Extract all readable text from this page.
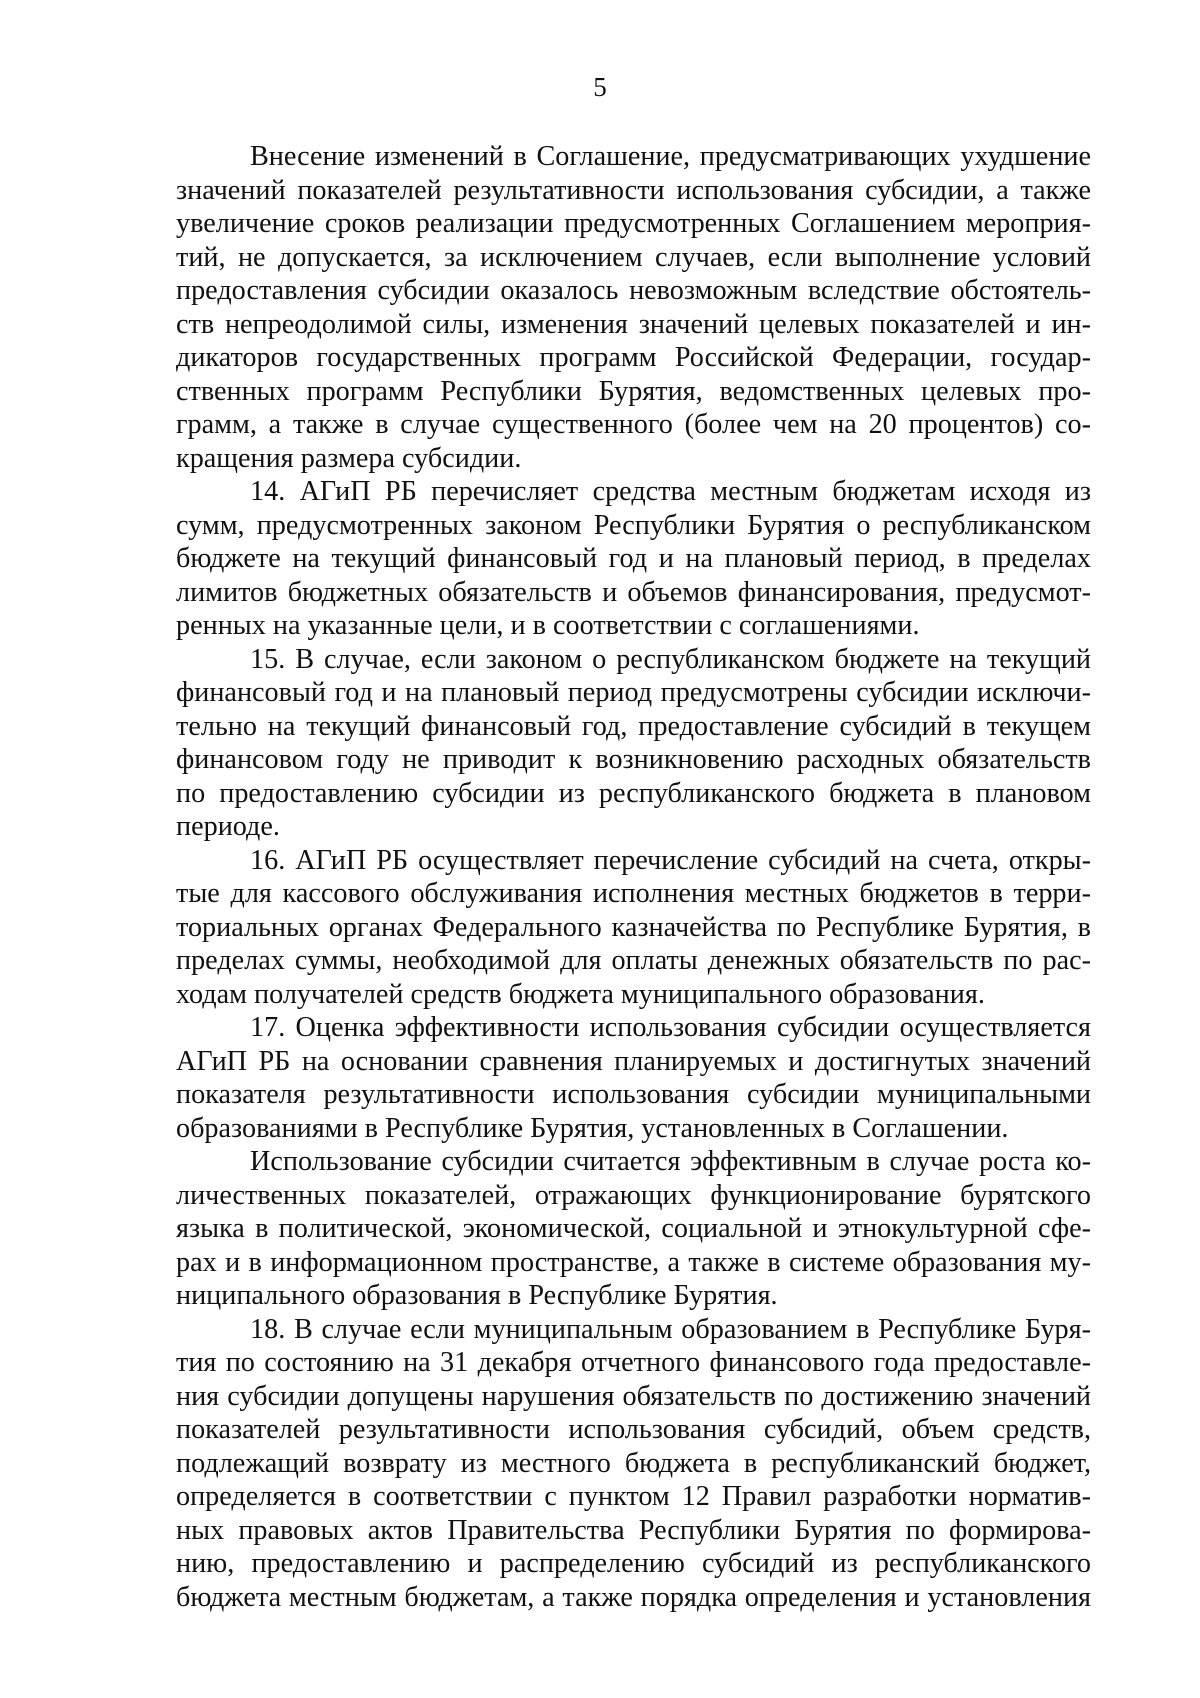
5
Внесение изменений в Соглашение, предусматривающих ухудшение
значений показателей результативности использования субсидии, а также
увеличение сроков реализации предусмотренных Соглашением мероприя-
тий, не допускается, за исключением случаев, если выполнение условий
предоставления субсидии оказалось невозможным вследствие обстоятель-
ств непреодолимой силы, изменения значений целевых показателей и ин-
дикаторов государственных программ Российской Федерации, государ-
ственных программ Республики Бурятия, ведомственных целевых про-
грамм, а также в случае существенного (более чем на 20 процентов) со-
кращения размера субсидии.
14. АГиП РБ перечисляет средства местным бюджетам исходя из
сумм, предусмотренных законом Республики Бурятия о республиканском
бюджете на текущий финансовый год и на плановый период, в пределах
лимитов бюджетных обязательств и объемов финансирования, предусмот-
ренных на указанные цели, и в соответствии с соглашениями.
15. В случае, если законом о республиканском бюджете на текущий
финансовый год и на плановый период предусмотрены субсидии исключи-
тельно на текущий финансовый год, предоставление субсидий в текущем
финансовом году не приводит к возникновению расходных обязательств
по предоставлению субсидии из республиканского бюджета в плановом
периоде.
16. АГиП РБ осуществляет перечисление субсидий на счета, откры-
тые для кассового обслуживания исполнения местных бюджетов в терри-
ториальных органах Федерального казначейства по Республике Бурятия, в
пределах суммы, необходимой для оплаты денежных обязательств по рас-
ходам получателей средств бюджета муниципального образования.
17. Оценка эффективности использования субсидии осуществляется
АГиП РБ на основании сравнения планируемых и достигнутых значений
показателя результативности использования субсидии муниципальными
образованиями в Республике Бурятия, установленных в Соглашении.
Использование субсидии считается эффективным в случае роста ко-
личественных показателей, отражающих функционирование бурятского
языка в политической, экономической, социальной и этнокультурной сфе-
рах и в информационном пространстве, а также в системе образования му-
ниципального образования в Республике Бурятия.
18. В случае если муниципальным образованием в Республике Буря-
тия по состоянию на 31 декабря отчетного финансового года предоставле-
ния субсидии допущены нарушения обязательств по достижению значений
показателей результативности использования субсидий, объем средств,
подлежащий возврату из местного бюджета в республиканский бюджет,
определяется в соответствии с пунктом 12 Правил разработки норматив-
ных правовых актов Правительства Республики Бурятия по формирова-
нию, предоставлению и распределению субсидий из республиканского
бюджета местным бюджетам, а также порядка определения и установления
